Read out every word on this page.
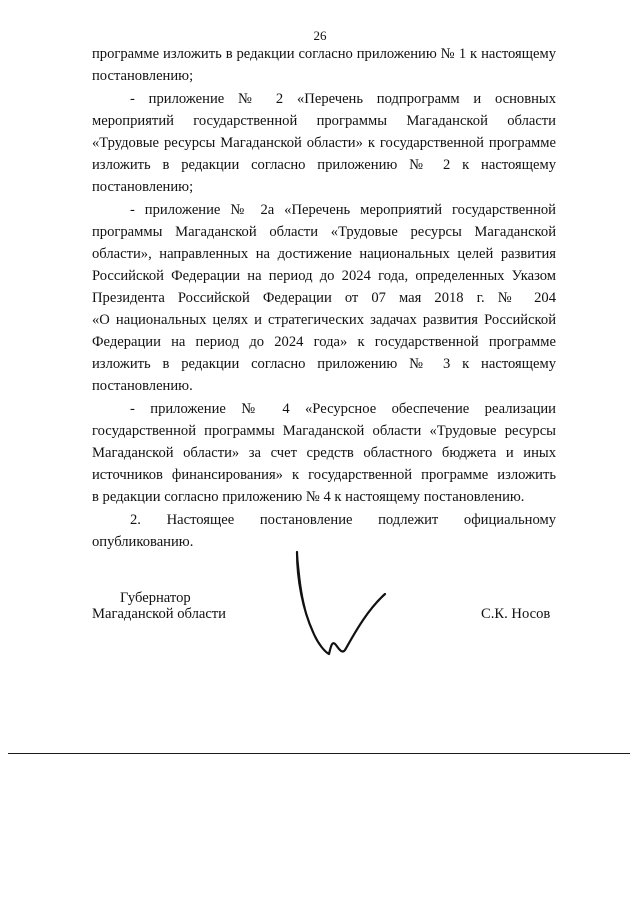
26
программе изложить в редакции согласно приложению № 1 к настоящему
постановлению;
- приложение № 2 «Перечень подпрограмм и основных
мероприятий государственной программы Магаданской области
«Трудовые ресурсы Магаданской области» к государственной программе
изложить в редакции согласно приложению № 2 к настоящему
постановлению;
- приложение № 2а «Перечень мероприятий государственной
программы Магаданской области «Трудовые ресурсы Магаданской
области», направленных на достижение национальных целей развития
Российской Федерации на период до 2024 года, определенных Указом
Президента Российской Федерации от 07 мая 2018 г. № 204
«О национальных целях и стратегических задачах развития Российской
Федерации на период до 2024 года» к государственной программе
изложить в редакции согласно приложению № 3 к настоящему
постановлению.
- приложение № 4 «Ресурсное обеспечение реализации
государственной программы Магаданской области «Трудовые ресурсы
Магаданской области» за счет средств областного бюджета и иных
источников финансирования» к государственной программе изложить
в редакции согласно приложению № 4 к настоящему постановлению.
2. Настоящее постановление подлежит официальному
опубликованию.
Губернатор
Магаданской области	С.К. Носов
